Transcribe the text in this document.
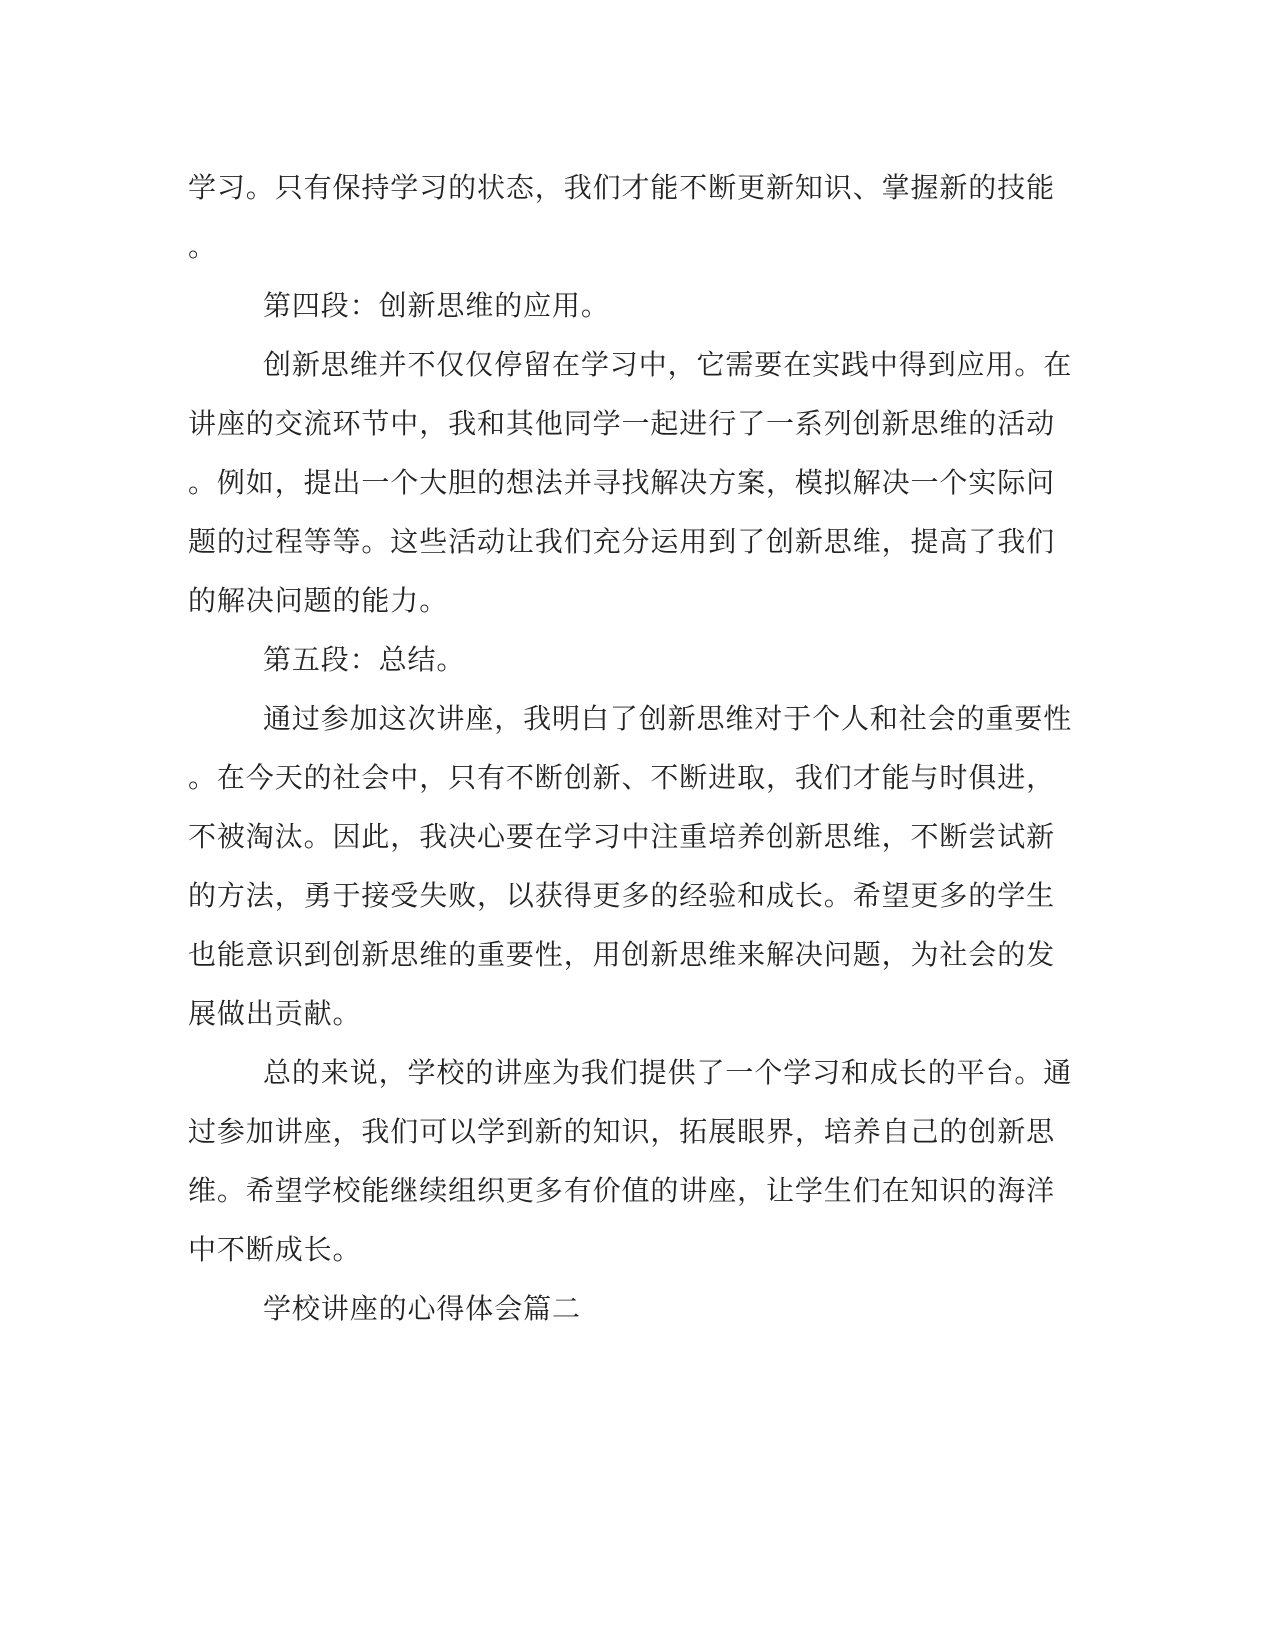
学习。只有保持学习的状态，我们才能不断更新知识、掌握新的技能
。
第四段：创新思维的应用。
创新思维并不仅仅停留在学习中，它需要在实践中得到应用。在
讲座的交流环节中，我和其他同学一起进行了一系列创新思维的活动
。例如，提出一个大胆的想法并寻找解决方案，模拟解决一个实际问
题的过程等等。这些活动让我们充分运用到了创新思维，提高了我们
的解决问题的能力。
第五段：总结。
通过参加这次讲座，我明白了创新思维对于个人和社会的重要性
。在今天的社会中，只有不断创新、不断进取，我们才能与时俱进，
不被淘汰。因此，我决心要在学习中注重培养创新思维，不断尝试新
的方法，勇于接受失败，以获得更多的经验和成长。希望更多的学生
也能意识到创新思维的重要性，用创新思维来解决问题，为社会的发
展做出贡献。
总的来说，学校的讲座为我们提供了一个学习和成长的平台。通
过参加讲座，我们可以学到新的知识，拓展眼界，培养自己的创新思
维。希望学校能继续组织更多有价值的讲座，让学生们在知识的海洋
中不断成长。
学校讲座的心得体会篇二
